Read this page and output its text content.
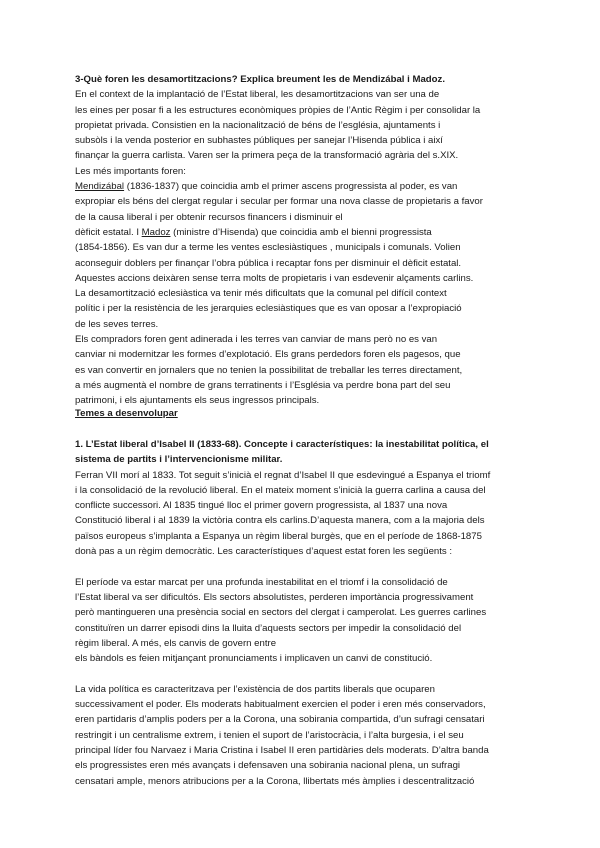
3-Què foren les desamortitzacions? Explica breument les de Mendizábal i Madoz.
En el context de la implantació de l’Estat liberal, les desamortitzacions van ser una de
les eines per posar fi a les estructures econòmiques pròpies de l’Antic Règim i per consolidar la
propietat privada. Consistien en la nacionalització de béns de l’església, ajuntaments i
subsòls i la venda posterior en subhastes públiques per sanejar l’Hisenda pública i així
finançar la guerra carlista. Varen ser la primera peça de la transformació agrària del s.XIX.
Les més importants foren:
Mendizábal (1836-1837) que coincidia amb el primer ascens progressista al poder, es van
expropiar els béns del clergat regular i secular per formar una nova classe de propietaris a favor
de la causa liberal i per obtenir recursos financers i disminuir el
dèficit estatal. I Madoz (ministre d’Hisenda) que coincidia amb el bienni progressista
(1854-1856). Es van dur a terme les ventes esclesiàstiques , municipals i comunals. Volien
aconseguir doblers per finançar l’obra pública i recaptar fons per disminuir el dèficit estatal.
Aquestes accions deixàren sense terra molts de propietaris i van esdevenir alçaments carlins.
La desamortització eclesiàstica va tenir més dificultats que la comunal pel difícil context
polític i per la resistència de les jerarquies eclesiàstiques que es van oposar a l’expropiació
de les seves terres.
Els compradors foren gent adinerada i les terres van canviar de mans però no es van
canviar ni modernitzar les formes d’explotació. Els grans perdedors foren els pagesos, que
es van convertir en jornalers que no tenien la possibilitat de treballar les terres directament,
a més augmentà el nombre de grans terratinents i l’Església va perdre bona part del seu
patrimoni, i els ajuntaments els seus ingressos principals.
Temes a desenvolupar
1. L’Estat liberal d’Isabel II (1833-68). Concepte i característiques: la inestabilitat política, el
sistema de partits i l’intervencionisme militar.
Ferran VII morí al 1833. Tot seguit s’inicià el regnat d’Isabel II que esdevingué a Espanya el triomf
i la consolidació de la revolució liberal. En el mateix moment s’inicià la guerra carlina a causa del
conflicte successori. Al 1835 tingué lloc el primer govern progressista, al 1837 una nova
Constitució liberal i al 1839 la victòria contra els carlins.D’aquesta manera, com a la majoria dels
països europeus s’implanta a Espanya un règim liberal burgès, que en el període de 1868-1875
donà pas a un règim democràtic. Les característiques d’aquest estat foren les següents :
El període va estar marcat per una profunda inestabilitat en el triomf i la consolidació de
l’Estat liberal va ser dificultós. Els sectors absolutistes, perderen importància progressivament
però mantingueren una presència social en sectors del clergat i camperolat. Les guerres carlines
constituïren un darrer episodi dins la lluita d’aquests sectors per impedir la consolidació del
règim liberal. A més, els canvis de govern entre
els bàndols es feien mitjançant pronunciaments i implicaven un canvi de constitució.
La vida política es caracteritzava per l’existència de dos partits liberals que ocuparen
successivament el poder. Els moderats habitualment exercien el poder i eren més conservadors,
eren partidaris d’amplis poders per a la Corona, una sobirania compartida, d’un sufragi censatari
restringit i un centralisme extrem, i tenien el suport de l’aristocràcia, i l’alta burgesia, i el seu
principal líder fou Narvaez i Maria Cristina i Isabel II eren partidàries dels moderats. D’altra banda
els progressistes eren més avançats i defensaven una sobirania nacional plena, un sufragi
censatari ample, menors atribucions per a la Corona, llibertats més àmplies i descentralització
